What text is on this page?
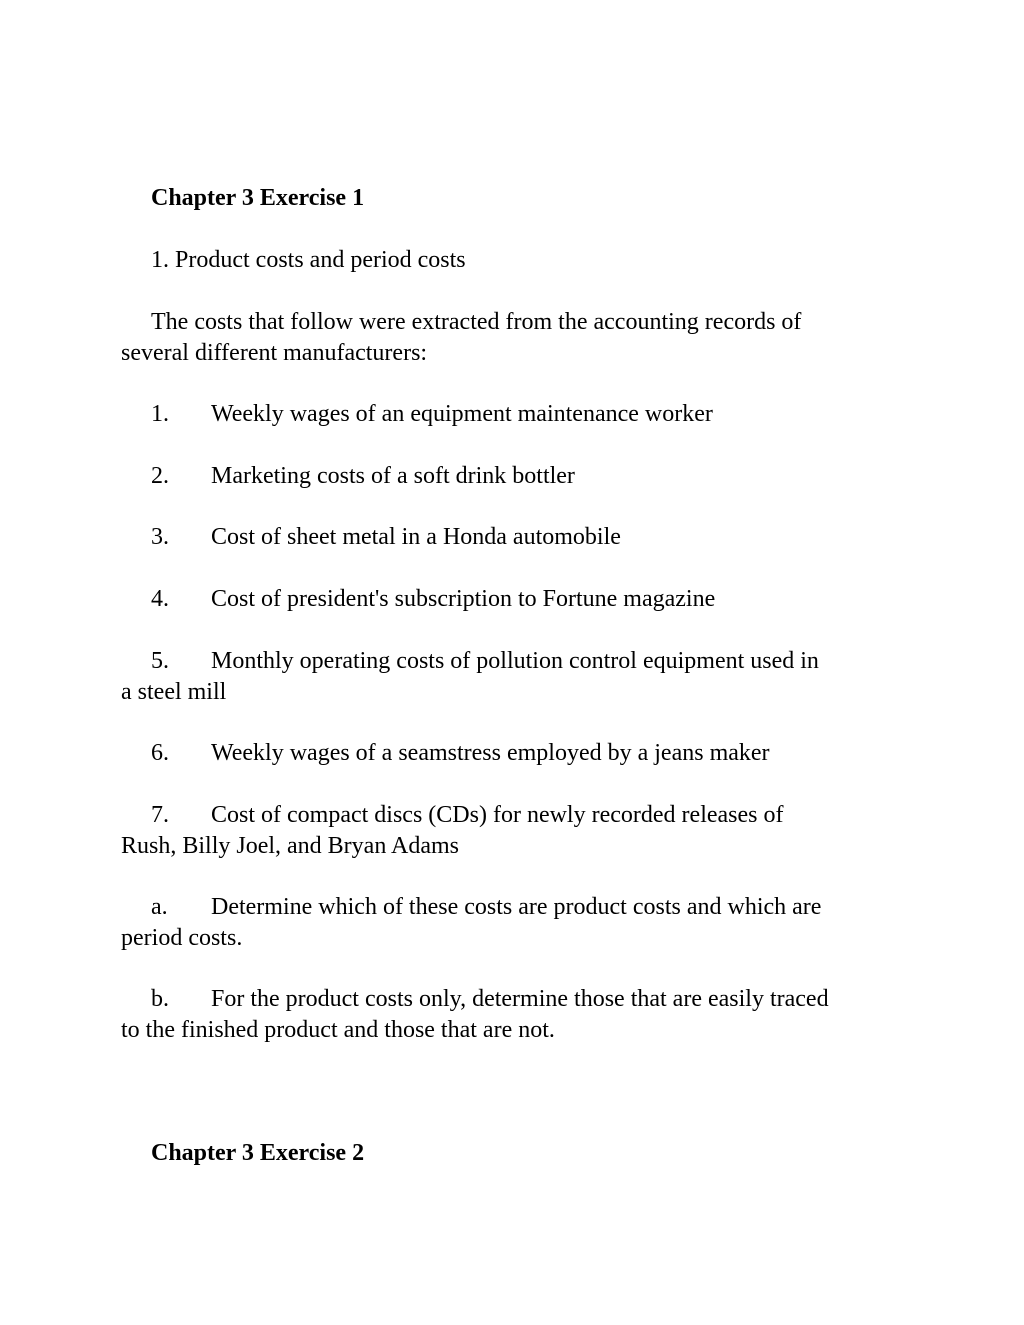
Chapter 3 Exercise 1
1. Product costs and period costs
The costs that follow were extracted from the accounting records of
several different manufacturers:
1. Weekly wages of an equipment maintenance worker
2. Marketing costs of a soft drink bottler
3. Cost of sheet metal in a Honda automobile
4. Cost of president's subscription to Fortune magazine
5. Monthly operating costs of pollution control equipment used in
a steel mill
6. Weekly wages of a seamstress employed by a jeans maker
7. Cost of compact discs (CDs) for newly recorded releases of
Rush, Billy Joel, and Bryan Adams
a. Determine which of these costs are product costs and which are
period costs.
b. For the product costs only, determine those that are easily traced
to the finished product and those that are not.
Chapter 3 Exercise 2
